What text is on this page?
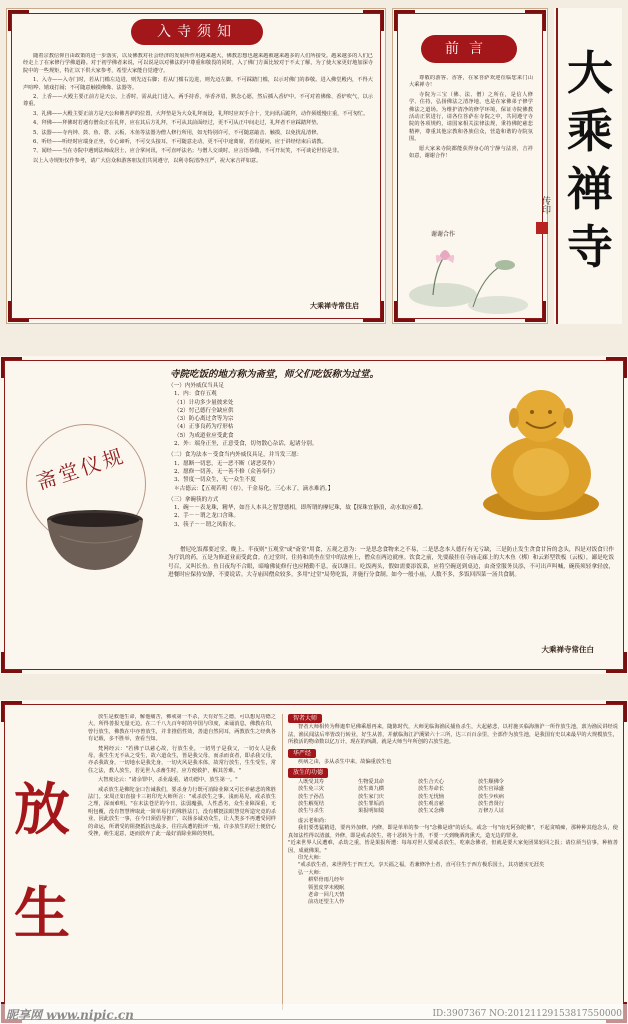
入寺须知

随着宗教信仰自由政策的进一步落实，以及佛教对社会经济的发展所作用越来越大，佛教思想也越来越被越来越多的人们所接受。越来越多的人们已经走上了在家修行学佛道路。对于初学佛者来说，可以说是以对佛法的中尊重和敬畏的同时，入了佛门方面比较对于不太了解，为了使大家更好地加深寺院中的一些规矩，特汇以下供大家参考，希望大家能自觉遵守。

1、入寺——入寺门时，若从门槛左边进，则先迈右脚；若从门槛右边进，则先迈左脚。不可踩踏门槛，以示对佛门的恭敬。进入佛堂殿内，不得大声喧哗、嬉戏打闹；不可随意触摸佛像、法器等。

2、上香——大殿主要正前方是天公，上香时，需从此门进入，两手持香，举香齐眉，默念心愿，然后插入香炉中。不可对着佛像、香炉吹气，以示尊重。

3、礼佛——大殿主要正前方是天公和佛菩萨的位置，大拜垫是为大众礼拜而设，礼拜时应双手合十，先问讯后跪拜，动作须缓慢庄重，不可匆忙。

4、拜佛——拜佛时若遇有僧众正在礼拜，应在其后方礼拜，不可从其前面经过，更不可从正中间走过，礼拜者不应踩踏拜垫。

5、法器——寺内钟、鼓、鱼、磬、云板、木鱼等法器为僧人修行所用，如无特别许可，不可随意敲击、触摸，以免扰乱清修。

6、听经——听经时应端身正坐，专心谛听，不可交头接耳，不可随意走动，更不可中途离席，若有疑问，应于讲经结束后请教。

7、闻经——当在寺院中遇到法师或居士，应合掌问讯，不可直呼法名；与僧人交谈时，应言语恭敬，不可开玩笑，不可谈论世俗是非。

以上入寺规矩仅作参考，请广大信众和游客朋友们共同遵守，以利寺院清净庄严，祝大家吉祥如意。

大乘禅寺常住启
前言

尊敬的游客、香客，在家菩萨欢迎莅临您来门山大乘禅寺！

寺院为三宝（佛、法、僧）之所在，是信人修学、住持，弘扬佛法之清净地，也是在家佛弟子修学佛法之道场。为维护清净的修学环境，保证寺院佛教活动正常进行，请各位菩萨在寺院之中，共同遵守寺院的各项规约，请国家相关法律法规，秉持佛陀慈悲精神，尊重其他宗教和各族信众，营造和谐的寺院氛围。

愿大家来寺院都能获得身心的宁静与法喜，吉祥如意，谢谢合作！

谢谢合作
大
乘
禅
寺
传印
寺院吃饭的地方称为斋堂，师父们吃饭称为过堂。
斋堂仪规
（一）内外威仪当具足
1、内：食存五观
（1）计功多少量彼来处
（2）忖己德行全缺应供
（3）防心离过贪等为宗
（4）正事良药为疗形枯
（5）为成道业应受此食
2、外：端身正坐，正意受食，切勿散心杂话，起诸分别。
（二）食为法本－受食当内外威仪具足，并当发三愿：
1、愿断一切恶，无一恶不断（诸恶莫作）
2、愿修一切善，无一善不修（众善奉行）
3、誓度一切众生，无一众生不度
＊古德云：【五观若明（存），千金易化。三心未了，滴水难消。】
（三）拿碗筷的方式
1、碗－－表龙珠，精华，如吾人本具之智慧德相，即所谓的摩尼珠，故【探珠宜静浪，动水取应难】。
2、手－－谓之龙口含珠。
3、筷子－－谓之凤衔水。
僧尼吃饭都要过堂，晚上、半夜则"五观堂"或"斋堂"用食，五观之意为：一是思念食物来之不易，二是思念本人德行有无亏缺，三是防止发生贪食甘旨的念头，四是对饭食只作为疗饥的药，五是为修道业而受此食。在过堂时，住持和尚坐在堂中的法座上，僧众在两边就座。饮食之前，先要敲挂在寺庙走廊上的大木鱼（梆）和云彩型铁板（云板），鄙是吃饭号召，又叫长鱼。鱼日夜均不合眼，暗喻佛徒修行也应精勤不息，夜以继日。吃饭两头，假如需要添饭菜，应将空碗送到桌边，由斋堂服务员添，不可出声叫喊，碗筷须轻拿轻放，进餐时应保持安静，不要说话。大寺庙因僧众较多，多用"过堂"局势吃饭，并施行分食制。如今一般小庙，人数不多，多饭回四菜一汤共食制。
大乘禅寺常住白
放
生

放生是救他生命，解他痛苦，佛戒第一不杀，天有好生之德，可以想见功德之大，所得善报无量无边。在二千八九百年时的中国与印度，来诵消息，佛教在印，曾行放生，佛教在中亦曾放生，并非推倡性效，善道自然同耳，两教放生之经典各有记载，多不胜举，查看当知。

梵网经云："若佛子以慈心故，行放生业，一切男子是我父，一切女人是我母，我生生无不从之受生，故六道众生，皆是我父母，而杀而食者，即杀我父母，亦杀我故身，一切地水是我先身，一切火风是我本体，故常行放生，生生受生，常住之法，教人放生，若见世人杀畜生时，应方便救护，解其苦难。"

大智度论云："诸余罪中，杀业最重，诸功德中，放生第一。"

戒杀放生是佛陀金口告诫我们，要杀身力行既可消除业障又可长养慈悲的殊胜法门。宋周正如直接卡三祖印光大师所言："戒杀放生之事，浅而易见，戒杀放生之理，深而难明。"在末法苍茫的今日，法弱魔强，人性悉劣，众生业障深重，无明包覆，没有智慧辨取此一简单易行的殊胜法门，没有横挺法眼慧觉所造究竟的杀业，因此放生一事，在今日须倡导推广，以扬多诚劝众生，让人类多不再遭受同样的命运，所谓受的阻挠抵抗也最多，往往高遭的批评一般，许多放生的居士便倍心受挫，萌生退意，逐而放弃了此一最好消除业障的契机。

智者大师
智者大师相传为释迦牟尼佛乘愿再来，随陈时代，大师见临海渔民捕鱼杀生，大起慈悲，以衬施买临海渔沪一所作放生池，禀为渔民讲经说法，渔民闻法后率皆改行转业，好生从善，并献临海江沪溪梁六十三所，达三百百余里，全部作为放生池，是我国有史以来最早的大规模放生，所救活的物命数以亿万计，现在的西湖，就是大师当年所创的古放生池。
华严经
疾病之由，多从杀生中来，故偏重放生也
放生的功德
人既受其寿	生物爱其命	放生合天心	放生顺佛令
放生免三灾	放生离九横	放生寿命长	放生官禄盛
放生子孙昌	放生家门庆	放生无忧恼	放生少疾病
放生解冤结	放生罪垢消	放生观音慈	放生普贤行
放生与杀生	果报明如镜	放生又念佛	万修万人证
虚云老和尚：
我们要勇猛精进，要内外加修。内修，即是单单的参一句"念佛是谁"的话头，或念一句"南无阿弥陀佛"，不起贪嗔痴，那种种其他念头，使真如法性得以清澈。外修，即是戒杀放生，将十恶转为十善，不要一天到晚酒肉熏天，造无边的罪业。
"近来世界人民遭难，杀劫之重，皆是果报所遭：每每对世人要戒杀放生，吃素念佛者，但就是要大家免团果轮回之报；请位须当信事，种植善因，成就佛果。"
印光大师：
"戒杀放生者，来世得生于四王天，享天福之福，若兼修净土者，直可往生于西方极乐国土，其功德实无涯矣
弘一大师：
耕犁骨雨几经年
领罢皮穿未殿眠
老命一回几天情
前功还望主人怜
昵享网 www.nipic.cn	ID:3907367 NO:20121129153817550000
